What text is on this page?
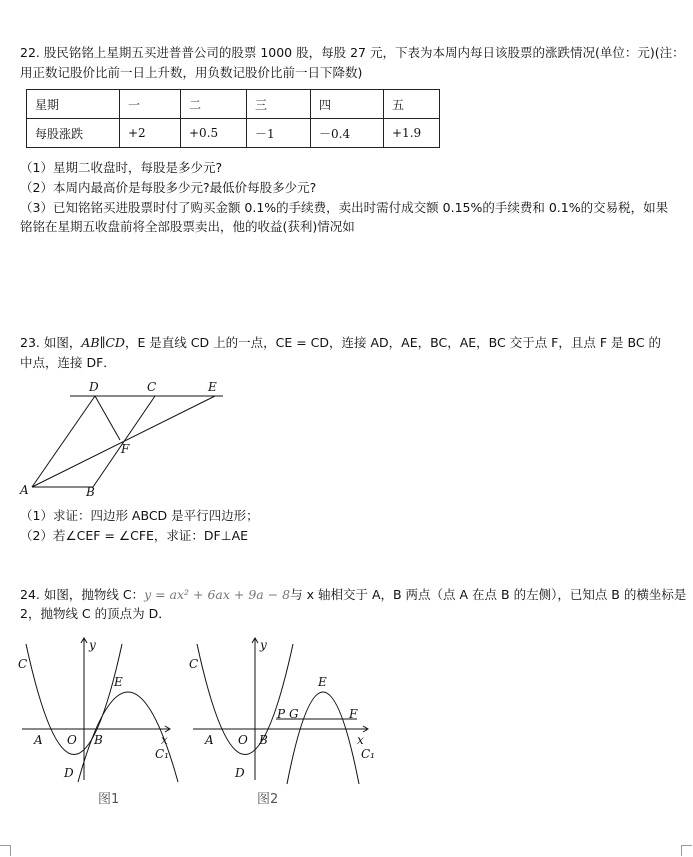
22. 股民铭铭上星期五买进普普公司的股票 1000 股，每股 27 元，下表为本周内每日该股票的涨跌情况(单位：元)(注：
用正数记股价比前一日上升数，用负数记股价比前一日下降数)
星期	一	二	三	四	五
每股涨跌	+2	+0.5	－1	－0.4	+1.9
（1）星期二收盘时，每股是多少元?
（2）本周内最高价是每股多少元?最低价每股多少元?
（3）已知铭铭买进股票时付了购买金额 0.1%的手续费，卖出时需付成交额 0.15%的手续费和 0.1%的交易税，如果
铭铭在星期五收盘前将全部股票卖出，他的收益(获利)情况如
23. 如图，AB∥CD，E 是直线 CD 上的一点，CE = CD，连接 AD，AE，BC，AE，BC 交于点 F，且点 F 是 BC 的
中点，连接 DF．
D	C	E
F
A	B
（1）求证：四边形 ABCD 是平行四边形；
（2）若∠CEF = ∠CFE，求证：DF⊥AE
24. 如图，抛物线 C：y = ax² + 6ax + 9a − 8与 x 轴相交于 A，B 两点（点 A 在点 B 的左侧），已知点 B 的横坐标是
2，抛物线 C 的顶点为 D．
C
y
E
A O B	x
D
C₁
图1
C
y
E
P G	F
A O B	x
D
C₁
图2
